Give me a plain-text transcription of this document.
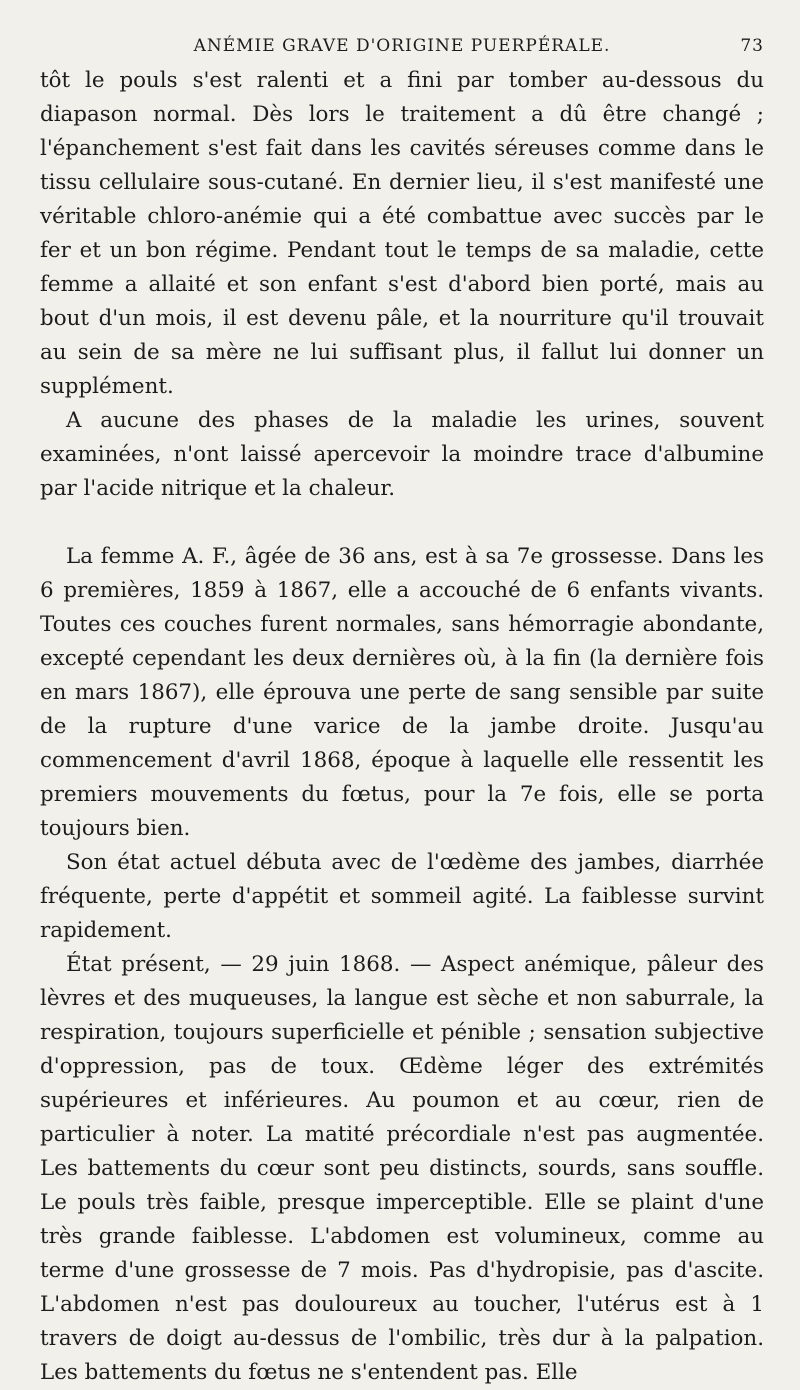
ANÉMIE GRAVE D'ORIGINE PUERPÉRALE.	73

tôt le pouls s'est ralenti et a fini par tomber au-dessous du diapason normal. Dès lors le traitement a dû être changé ; l'épanchement s'est fait dans les cavités séreuses comme dans le tissu cellulaire sous-cutané. En dernier lieu, il s'est manifesté une véritable chloro-anémie qui a été combattue avec succès par le fer et un bon régime. Pendant tout le temps de sa maladie, cette femme a allaité et son enfant s'est d'abord bien porté, mais au bout d'un mois, il est devenu pâle, et la nourriture qu'il trouvait au sein de sa mère ne lui suffisant plus, il fallut lui donner un supplément.

A aucune des phases de la maladie les urines, souvent examinées, n'ont laissé apercevoir la moindre trace d'albumine par l'acide nitrique et la chaleur.

La femme A. F., âgée de 36 ans, est à sa 7e grossesse. Dans les 6 premières, 1859 à 1867, elle a accouché de 6 enfants vivants. Toutes ces couches furent normales, sans hémorragie abondante, excepté cependant les deux dernières où, à la fin (la dernière fois en mars 1867), elle éprouva une perte de sang sensible par suite de la rupture d'une varice de la jambe droite. Jusqu'au commencement d'avril 1868, époque à laquelle elle ressentit les premiers mouvements du fœtus, pour la 7e fois, elle se porta toujours bien.

Son état actuel débuta avec de l'œdème des jambes, diarrhée fréquente, perte d'appétit et sommeil agité. La faiblesse survint rapidement.

État présent, — 29 juin 1868. — Aspect anémique, pâleur des lèvres et des muqueuses, la langue est sèche et non saburrale, la respiration, toujours superficielle et pénible ; sensation subjective d'oppression, pas de toux. Œdème léger des extrémités supérieures et inférieures. Au poumon et au cœur, rien de particulier à noter. La matité précordiale n'est pas augmentée. Les battements du cœur sont peu distincts, sourds, sans souffle. Le pouls très faible, presque imperceptible. Elle se plaint d'une très grande faiblesse. L'abdomen est volumineux, comme au terme d'une grossesse de 7 mois. Pas d'hydropisie, pas d'ascite. L'abdomen n'est pas douloureux au toucher, l'utérus est à 1 travers de doigt au-dessus de l'ombilic, très dur à la palpation. Les battements du fœtus ne s'entendent pas. Elle
